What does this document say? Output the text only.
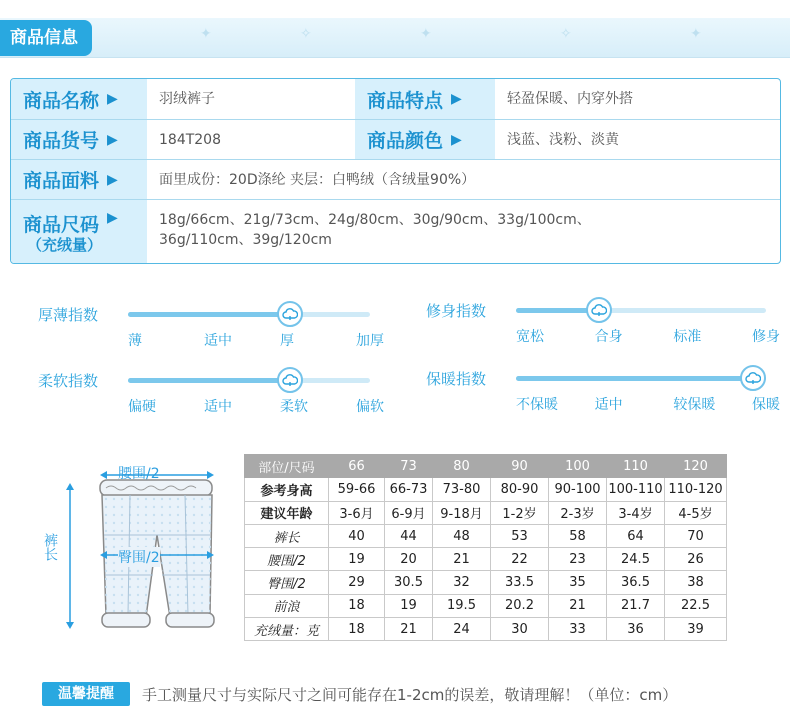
✦	✧	✦	✧	✦
商品信息
商品名称 ▶	羽绒裤子	商品特点 ▶	轻盈保暖、内穿外搭
商品货号 ▶	184T208	商品颜色 ▶	浅蓝、浅粉、淡黄
商品面料 ▶	面里成份：20D涤纶 夹层：白鸭绒（含绒量90%）
商品尺码 ▶
（充绒量）
18g/66cm、21g/73cm、24g/80cm、30g/90cm、33g/100cm、
36g/110cm、39g/120cm
厚薄指数
薄	适中	厚	加厚
修身指数
宽松	合身	标准	修身
柔软指数
偏硬	适中	柔软	偏软
保暖指数
不保暖	适中	较保暖	保暖
腰围/2
臀围/2
裤长
部位/尺码	66	73	80	90	100	110	120
参考身高	59-66	66-73	73-80	80-90	90-100	100-110	110-120
建议年龄	3-6月	6-9月	9-18月	1-2岁	2-3岁	3-4岁	4-5岁
裤长	40	44	48	53	58	64	70
腰围/2	19	20	21	22	23	24.5	26
臀围/2	29	30.5	32	33.5	35	36.5	38
前浪	18	19	19.5	20.2	21	21.7	22.5
充绒量：克	18	21	24	30	33	36	39
温馨提醒	手工测量尺寸与实际尺寸之间可能存在1-2cm的误差，敬请理解！（单位：cm）
